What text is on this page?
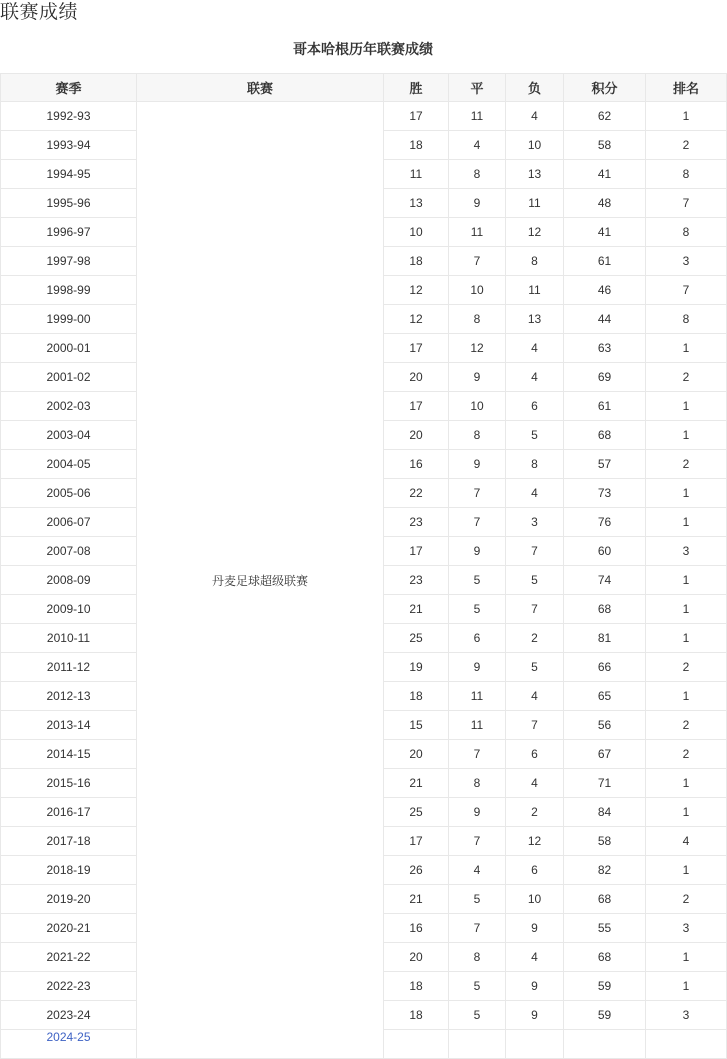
联赛成绩
哥本哈根历年联赛成绩
赛季	联赛	胜	平	负	积分	排名
1992-93	丹麦足球超级联赛	17	11	4	62	1
1993-94		18	4	10	58	2
1994-95		11	8	13	41	8
1995-96		13	9	11	48	7
1996-97		10	11	12	41	8
1997-98		18	7	8	61	3
1998-99		12	10	11	46	7
1999-00		12	8	13	44	8
2000-01		17	12	4	63	1
2001-02		20	9	4	69	2
2002-03		17	10	6	61	1
2003-04		20	8	5	68	1
2004-05		16	9	8	57	2
2005-06		22	7	4	73	1
2006-07		23	7	3	76	1
2007-08		17	9	7	60	3
2008-09		23	5	5	74	1
2009-10		21	5	7	68	1
2010-11		25	6	2	81	1
2011-12		19	9	5	66	2
2012-13		18	11	4	65	1
2013-14		15	11	7	56	2
2014-15		20	7	6	67	2
2015-16		21	8	4	71	1
2016-17		25	9	2	84	1
2017-18		17	7	12	58	4
2018-19		26	4	6	82	1
2019-20		21	5	10	68	2
2020-21		16	7	9	55	3
2021-22		20	8	4	68	1
2022-23		18	5	9	59	1
2023-24		18	5	9	59	3
2024-25						
